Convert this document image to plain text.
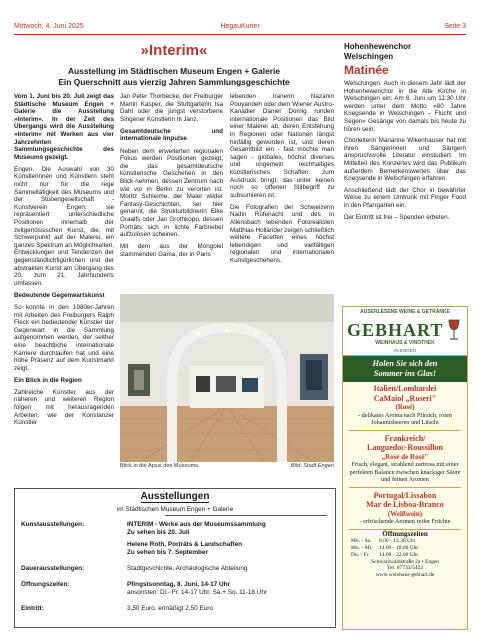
Mittwoch, 4. Juni 2025	HegauKurier	Seite 3
»Interim«
Ausstellung im Städtischen Museum Engen + Galerie
Ein Querschnitt aus vierzig Jahren Sammlungsgeschichte

Vom 1. Juni bis 20. Juli zeigt das Städtische Museum Engen + Galerie die Ausstellung »Interim«. In der Zeit des Übergangs wird die Ausstellung »Interim« mit Werken aus vier Jahrzehnten Sammlungsgeschichte des Museums gezeigt.

Engen. Die Auswahl von 30 Künstlerinnen und Künstlern steht nicht nur für die rege Sammeltätigkeit des Museums und der Stubengesellschaft - Kunstverein Engen; sie repräsentiert unterschiedliche Positionen innerhalb der zeitgenössischen Kunst, die, mit Schwerpunkt auf der Malerei, ein ganzes Spektrum an Möglichkeiten, Entwicklungen und Tendenzen der gegenständlichfigürlichen und der abstrakten Kunst am Übergang des 20. zum 21. Jahrhunderts umfassen.

Bedeutende Gegenwartskunst

So konnte in den 1980er-Jahren mit Arbeiten des Freiburgers Ralph Fleck ein bedeutender Künstler der Gegenwart in die Sammlung aufgenommen werden, der seither eine beachtliche internationale Karriere durchlaufen hat und eine hohe Präsenz auf dem Kunstmarkt zeigt.

Ein Blick in die Region

Zahlreiche Künstler aus der näheren und weiteren Region folgen mit herausragenden Arbeiten, wie der Konstanzer Künstler

Jan Peter Thorbecke, der Freiburger Martin Kasper, die Stuttgarterin Isa Dahl oder die jüngst verstorbene Singener Künstlerin Iti Janz.

Gesamtdeutsche und internationale Impulse

Neben dem erweiterten regionalen Fokus werden Positionen gezeigt, die das gesamtdeutsche künstlerische Geschehen in den Blick nehmen, dessen Zentrum nach wie vor in Berlin zu verorten ist. Moritz Schleime, der Maler wilder Fantasy-Geschichten, sei hier genannt, die Strukturbildnerin Elke Graalfs oder Jan Grothkopp, dessen Porträts sich in lichte Farbnebel aufzulösen scheinen.

Mit dem aus der Mongolei stammenden Gama, der in Paris

lebenden Iranerin Nazanin Pouyandeh oder dem Wiener Austro-Kanadier Daniel Domig runden internationale Positionen das Bild einer Malerei ab, deren Entstehung in Regionen oder Nationen längst hinfällig geworden ist, und deren Gesamtbild ein - fast möchte man sagen - globales, höchst diverses und ungemein reichhaltiges künstlerisches Schaffen zum Ausdruck bringt, das unter keinen noch so offenen Stilbegriff zu subsumieren ist.

Die Fotografien der Schweizerin Nadin Rüfenacht und des in Allensbach lebenden Fotorealisten Matthias Holländer zeigen schließlich weitere Facetten eines höchst lebendigen und vielfältigen regionalen und internationalen Kunstgeschehens.

Blick in die Apsis des Museums.	Bild: Stadt Engen
Hohenhewenchor
Welschingen
Matinée

Welschingen. Auch in diesem Jahr lädt der Hohenhewenchor in die Alte Kirche in Welschingen ein: Am 6. Juni um 11:30 Uhr werden unter dem Motto »80 Jahre Kriegsende in Welschingen – Flucht und Segen« Gesänge von damals bis heute zu hören sein.

Chorleiterin Marianne Wikenhauser hat mit ihren Sängerinnen und Sängern anspruchsvolle Literatur einstudiert. Im Mittelteil des Konzertes wird das Publikum außerdem Bemerkenswertes über das Kriegsende in Welschingen erfahren.

Anschließend lädt der Chor in bewährter Weise zu einem Umtrunk mit Finger Food in den Pfarrgarten ein.

Der Eintritt ist frei – Spenden erbeten.

AUSERLESENE WEINE & GETRÄNKE
GEBHART
WEINHAUS & VINOTHEK
IN ENGEN
Holen Sie sich den
Sommer ins Glas!
Italien/Lombardei
CaMaiol „Roseri"
(Rosé)
- delikates Aroma nach Pfirsich, roten Johannisbeeren und Litschi
Frankreich/
Languedoc-Roussillon
„Rosé de Rosé"
Frisch, elegant, strahlend zartrosa mit einer perfekten Balance zwischen knackiger Säure und feinen Aromen
Portugal/Lissabon
Mar de Lisboa-Branco
(Weißwein)
- erfrischende Aromen reifer Früchte
Öffnungszeiten
Mo. - Sa.	8.00 - 12.30 Uhr
Mo. - Mi.	14.00 - 18.00 Uhr
Do. - Fr.	14.00 - 22.00 Uhr
Schwarzwaldstraße 2a • Engen
Tel. 07733/5422
www.weinhaus-gebhart.de
Ausstellungen
im Städtischen Museum Engen + Galerie
Kunstausstellungen:	INTERIM - Werke aus der Museumssammlung
Zu sehen bis 20. Juli
Helene Roth, Porträts & Landschaften
Zu sehen bis 7. September
Dauerausstellungen:	Stadtgeschichte, Archäologische Abteilung
Öffnungszeiten:	Pfingstsonntag, 8. Juni, 14-17 Uhr
ansonsten: Di.- Fr. 14-17 Uhr, Sa.+ So. 11-18 Uhr
Eintritt:	3,50 Euro, ermäßigt 2,50 Euro
